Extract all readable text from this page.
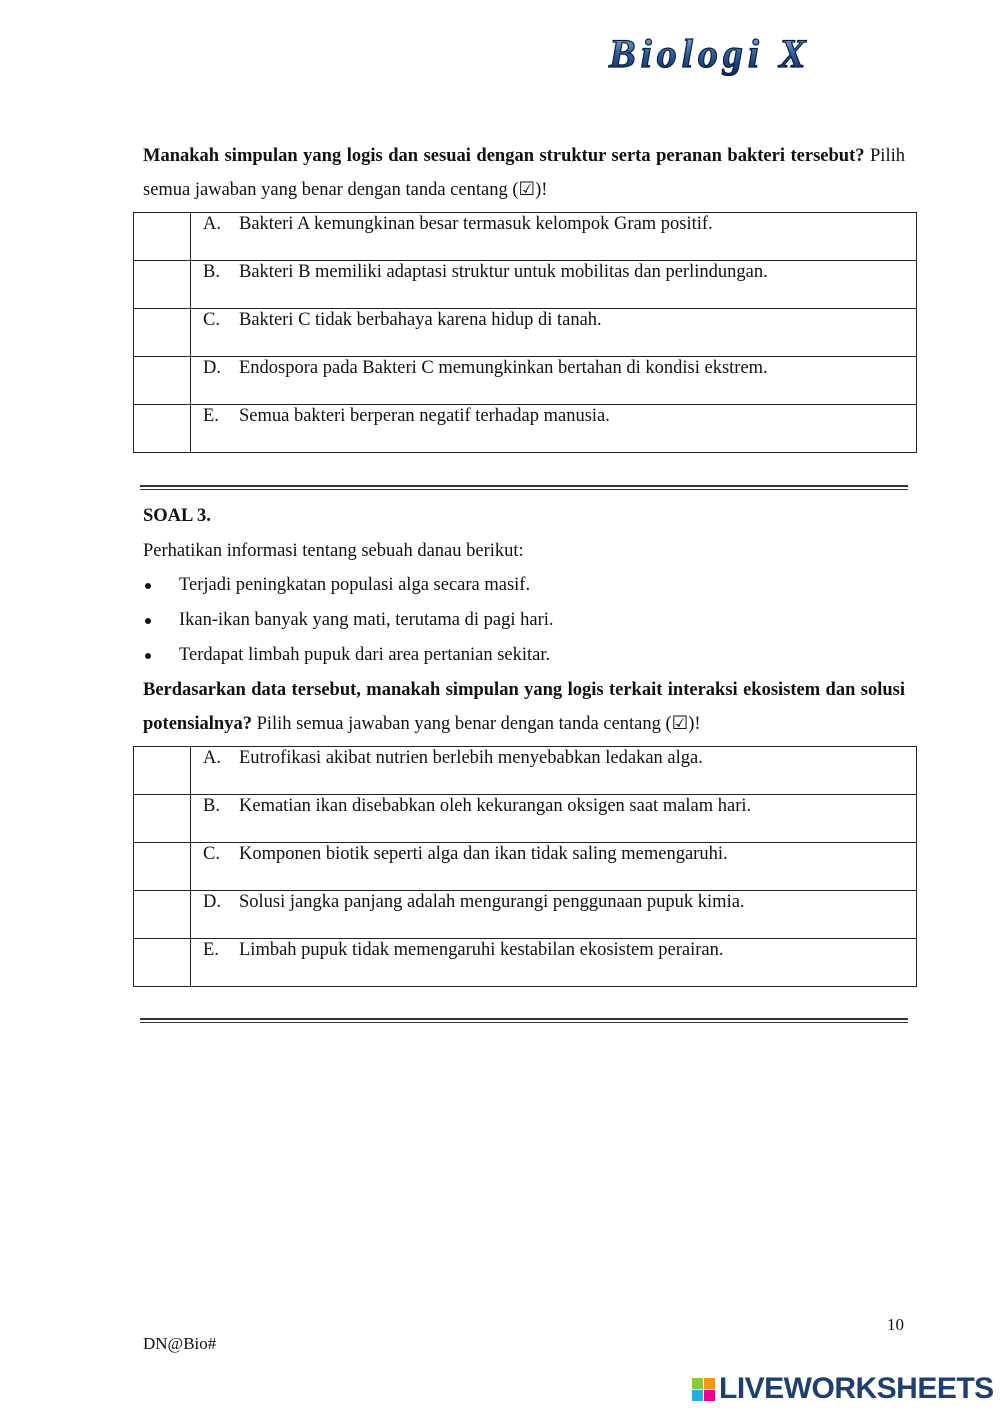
Biologi X
Manakah simpulan yang logis dan sesuai dengan struktur serta peranan bakteri tersebut? Pilih semua jawaban yang benar dengan tanda centang (☑)!
	A. Bakteri A kemungkinan besar termasuk kelompok Gram positif.
	B. Bakteri B memiliki adaptasi struktur untuk mobilitas dan perlindungan.
	C. Bakteri C tidak berbahaya karena hidup di tanah.
	D. Endospora pada Bakteri C memungkinkan bertahan di kondisi ekstrem.
	E. Semua bakteri berperan negatif terhadap manusia.
SOAL 3.
Perhatikan informasi tentang sebuah danau berikut:
Terjadi peningkatan populasi alga secara masif.
Ikan-ikan banyak yang mati, terutama di pagi hari.
Terdapat limbah pupuk dari area pertanian sekitar.
Berdasarkan data tersebut, manakah simpulan yang logis terkait interaksi ekosistem dan solusi potensialnya? Pilih semua jawaban yang benar dengan tanda centang (☑)!
	A. Eutrofikasi akibat nutrien berlebih menyebabkan ledakan alga.
	B. Kematian ikan disebabkan oleh kekurangan oksigen saat malam hari.
	C. Komponen biotik seperti alga dan ikan tidak saling memengaruhi.
	D. Solusi jangka panjang adalah mengurangi penggunaan pupuk kimia.
	E. Limbah pupuk tidak memengaruhi kestabilan ekosistem perairan.
10
DN@Bio#
LIVEWORKSHEETS
